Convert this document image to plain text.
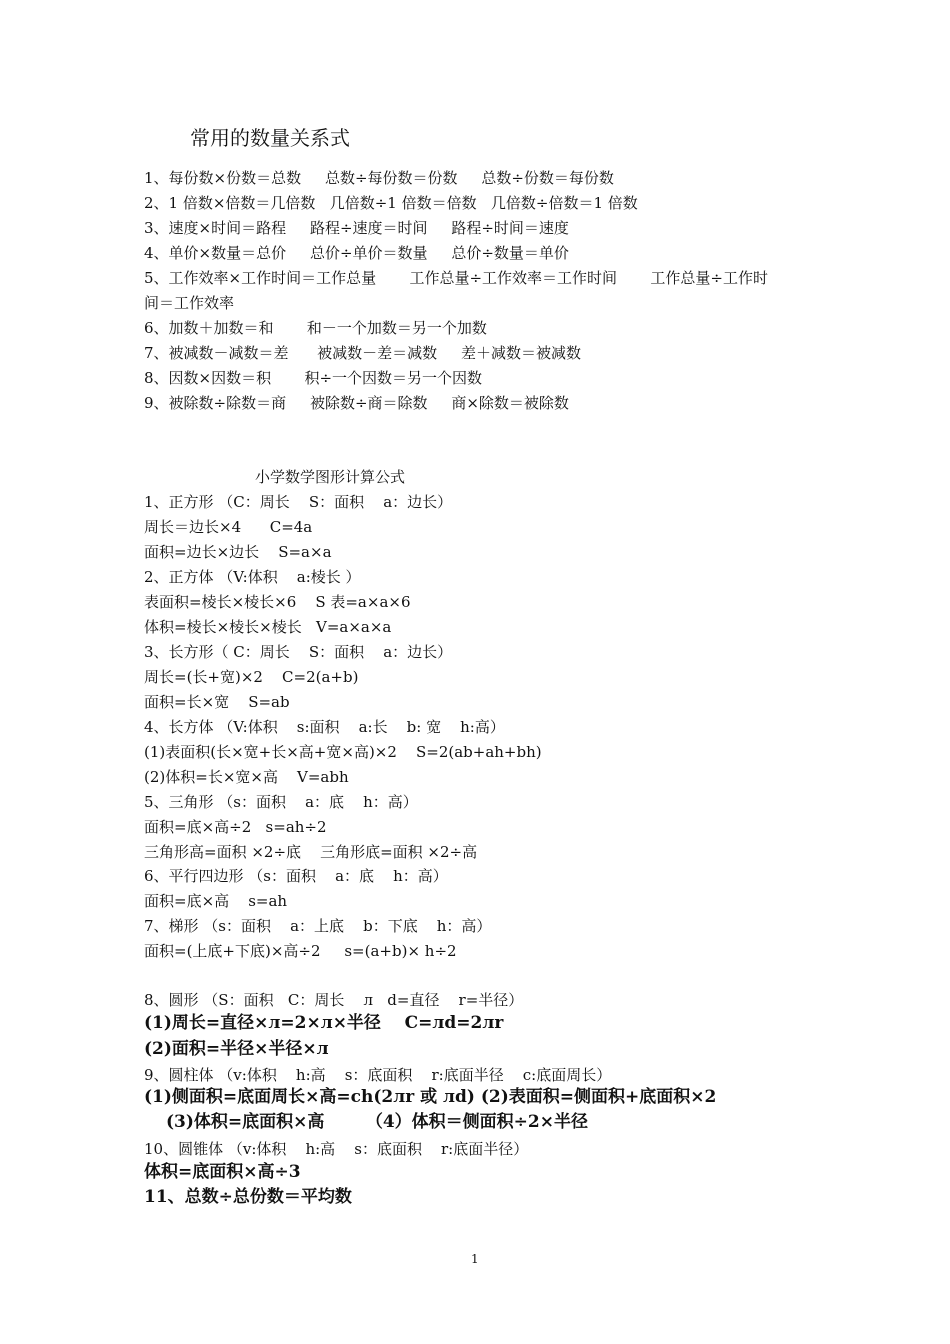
常用的数量关系式
1、每份数×份数＝总数     总数÷每份数＝份数     总数÷份数＝每份数
2、1 倍数×倍数＝几倍数   几倍数÷1 倍数＝倍数   几倍数÷倍数＝1 倍数
3、速度×时间＝路程     路程÷速度＝时间     路程÷时间＝速度
4、单价×数量＝总价     总价÷单价＝数量     总价÷数量＝单价
5、工作效率×工作时间＝工作总量       工作总量÷工作效率＝工作时间       工作总量÷工作时
间＝工作效率
6、加数＋加数＝和       和－一个加数＝另一个加数
7、被减数－减数＝差      被减数－差＝减数     差＋减数＝被减数
8、因数×因数＝积       积÷一个因数＝另一个因数
9、被除数÷除数＝商     被除数÷商＝除数     商×除数＝被除数
小学数学图形计算公式
1、正方形 （C：周长    S：面积    a：边长）
周长＝边长×4      C=4a
面积=边长×边长    S=a×a
2、正方体 （V:体积    a:棱长 ）
表面积=棱长×棱长×6    S 表=a×a×6
体积=棱长×棱长×棱长   V=a×a×a
3、长方形（ C：周长    S：面积    a：边长）
周长=(长+宽)×2    C=2(a+b)
面积=长×宽    S=ab
4、长方体 （V:体积    s:面积    a:长    b: 宽    h:高）
(1)表面积(长×宽+长×高+宽×高)×2    S=2(ab+ah+bh)
(2)体积=长×宽×高    V=abh
5、三角形 （s：面积    a：底    h：高）
面积=底×高÷2   s=ah÷2
三角形高=面积 ×2÷底    三角形底=面积 ×2÷高
6、平行四边形 （s：面积    a：底    h：高）
面积=底×高    s=ah
7、梯形 （s：面积    a：上底    b：下底    h：高）
面积=(上底+下底)×高÷2     s=(a+b)× h÷2
8、圆形 （S：面积   C：周长    л   d=直径    r=半径）
(1)周长=直径×л=2×л×半径    C=лd=2лr
(2)面积=半径×半径×л
9、圆柱体 （v:体积    h:高    s：底面积    r:底面半径    c:底面周长）
(1)侧面积=底面周长×高=ch(2лr 或 лd) (2)表面积=侧面积+底面积×2
(3)体积=底面积×高       （4）体积＝侧面积÷2×半径
10、圆锥体 （v:体积    h:高    s：底面积    r:底面半径）
体积=底面积×高÷3
11、总数÷总份数＝平均数
1
